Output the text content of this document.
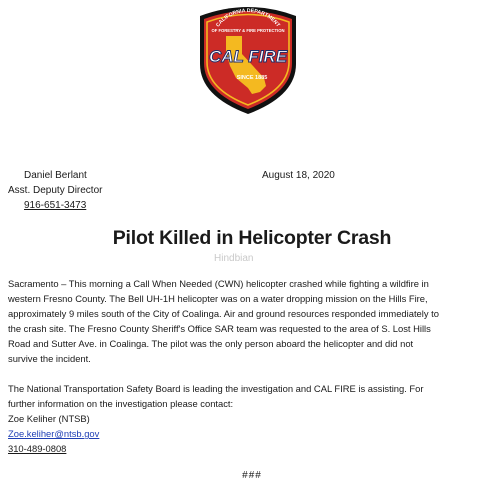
CALIFORNIA DEPARTMENT
OF FORESTRY & FIRE PROTECTION
CAL FIRE
SINCE 1885
Daniel Berlant
Asst. Deputy Director
916-651-3473
August 18, 2020
Pilot Killed in Helicopter Crash
Hindbian
Sacramento – This morning a Call When Needed (CWN) helicopter crashed while fighting a wildfire in
western Fresno County. The Bell UH-1H helicopter was on a water dropping mission on the Hills Fire,
approximately 9 miles south of the City of Coalinga. Air and ground resources responded immediately to
the crash site. The Fresno County Sheriff's Office SAR team was requested to the area of S. Lost Hills
Road and Sutter Ave. in Coalinga. The pilot was the only person aboard the helicopter and did not
survive the incident.
The National Transportation Safety Board is leading the investigation and CAL FIRE is assisting. For
further information on the investigation please contact:
Zoe Keliher (NTSB)
Zoe.keliher@ntsb.gov
310-489-0808
###
